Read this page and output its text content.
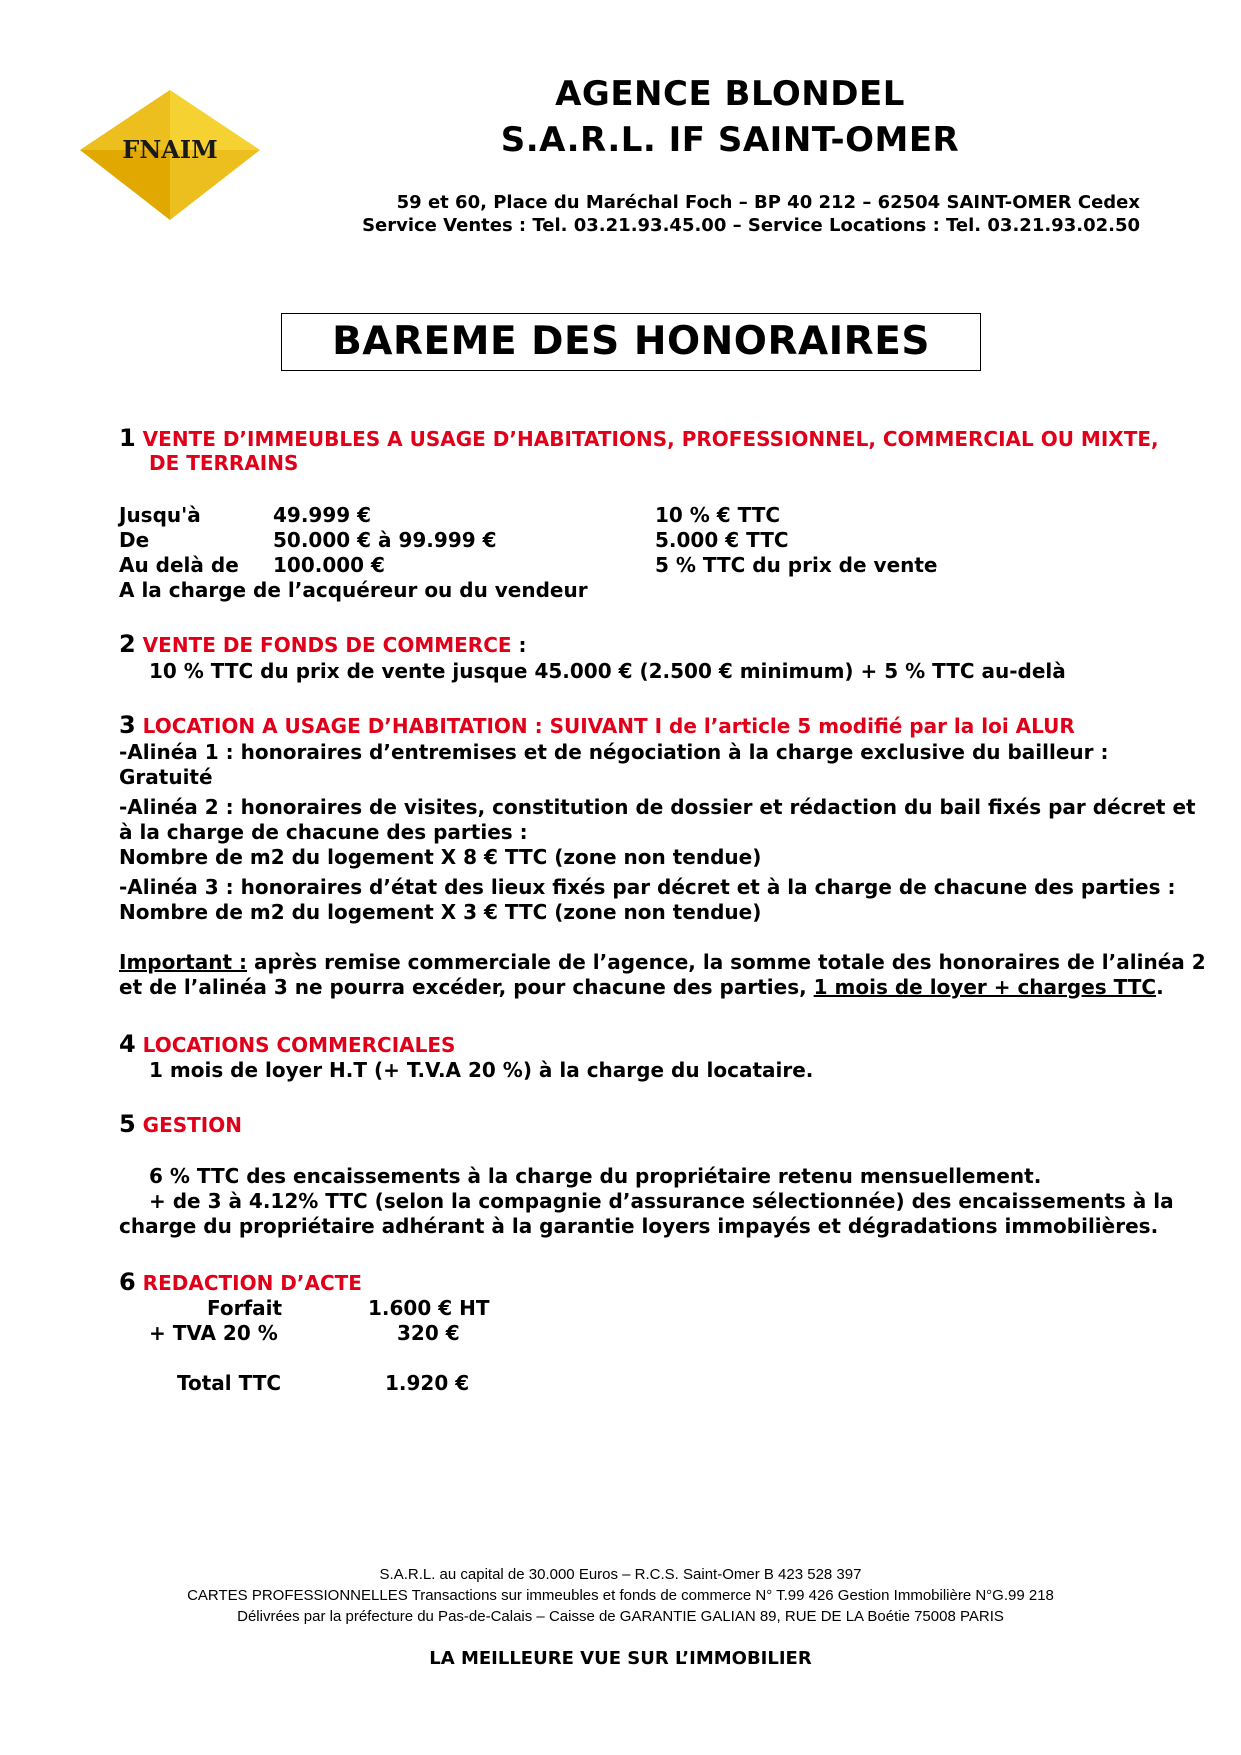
FNAIM
AGENCE BLONDEL
S.A.R.L. IF SAINT-OMER
59 et 60, Place du Maréchal Foch – BP 40 212 – 62504 SAINT-OMER Cedex
Service Ventes : Tel. 03.21.93.45.00 – Service Locations : Tel. 03.21.93.02.50
BAREME DES HONORAIRES
1 VENTE D’IMMEUBLES A USAGE D’HABITATIONS, PROFESSIONNEL, COMMERCIAL OU MIXTE,
DE TERRAINS
Jusqu'à	49.999 €	10 % € TTC
De	50.000 € à 99.999 €	5.000 € TTC
Au delà de 100.000 €	5 % TTC du prix de vente
A la charge de l’acquéreur ou du vendeur
2 VENTE DE FONDS DE COMMERCE :
10 % TTC du prix de vente jusque 45.000 € (2.500 € minimum) + 5 % TTC au-delà
3 LOCATION A USAGE D’HABITATION : SUIVANT I de l’article 5 modifié par la loi ALUR
-Alinéa 1 : honoraires d’entremises et de négociation à la charge exclusive du bailleur :
Gratuité
-Alinéa 2 : honoraires de visites, constitution de dossier et rédaction du bail fixés par décret et
à la charge de chacune des parties :
Nombre de m2 du logement X 8 € TTC (zone non tendue)
-Alinéa 3 : honoraires d’état des lieux fixés par décret et à la charge de chacune des parties :
Nombre de m2 du logement X 3 € TTC (zone non tendue)
Important : après remise commerciale de l’agence, la somme totale des honoraires de l’alinéa 2
et de l’alinéa 3 ne pourra excéder, pour chacune des parties, 1 mois de loyer + charges TTC.
4 LOCATIONS COMMERCIALES
1 mois de loyer H.T (+ T.V.A 20 %) à la charge du locataire.
5 GESTION
6 % TTC des encaissements à la charge du propriétaire retenu mensuellement.
+ de 3 à 4.12% TTC (selon la compagnie d’assurance sélectionnée) des encaissements à la
charge du propriétaire adhérant à la garantie loyers impayés et dégradations immobilières.
6 REDACTION D’ACTE
Forfait	1.600 € HT
+ TVA 20 %	320 €
Total TTC	1.920 €
S.A.R.L. au capital de 30.000 Euros – R.C.S. Saint-Omer B 423 528 397
CARTES PROFESSIONNELLES Transactions sur immeubles et fonds de commerce N° T.99 426 Gestion Immobilière N°G.99 218
Délivrées par la préfecture du Pas-de-Calais – Caisse de GARANTIE GALIAN 89, RUE DE LA Boétie 75008 PARIS
LA MEILLEURE VUE SUR L’IMMOBILIER
